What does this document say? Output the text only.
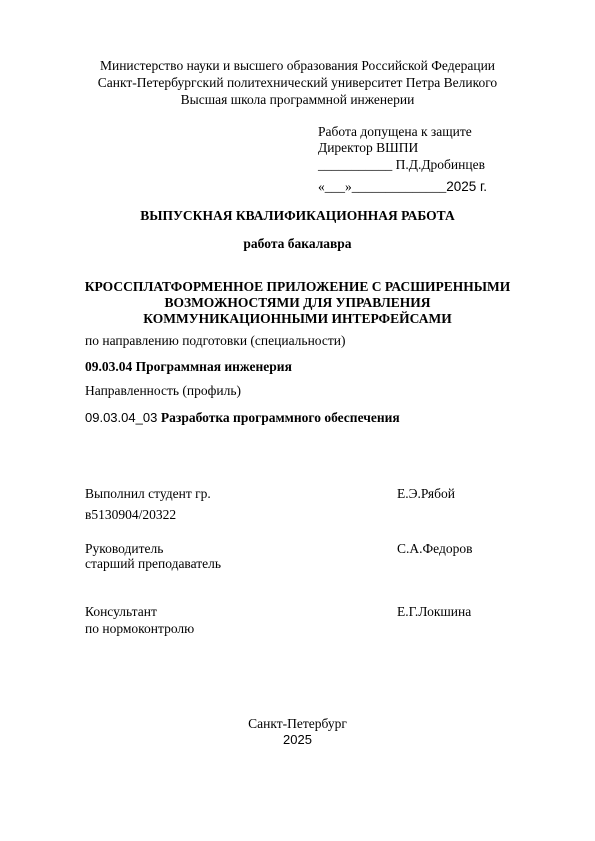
Министерство науки и высшего образования Российской Федерации
Санкт-Петербургский политехнический университет Петра Великого
Высшая школа программной инженерии
Работа допущена к защите
Директор ВШПИ
___________ П.Д.Дробинцев
«___»______________2025 г.
ВЫПУСКНАЯ КВАЛИФИКАЦИОННАЯ РАБОТА
работа бакалавра
КРОССПЛАТФОРМЕННОЕ ПРИЛОЖЕНИЕ С РАСШИРЕННЫМИ
ВОЗМОЖНОСТЯМИ ДЛЯ УПРАВЛЕНИЯ
КОММУНИКАЦИОННЫМИ ИНТЕРФЕЙСАМИ
по направлению подготовки (специальности)
09.03.04 Программная инженерия
Направленность (профиль)
09.03.04_03 Разработка программного обеспечения
Выполнил студент гр.
в5130904/20322
Е.Э.Рябой
Руководитель
старший преподаватель
С.А.Федоров
Консультант
по нормоконтролю
Е.Г.Локшина
Санкт-Петербург
2025
